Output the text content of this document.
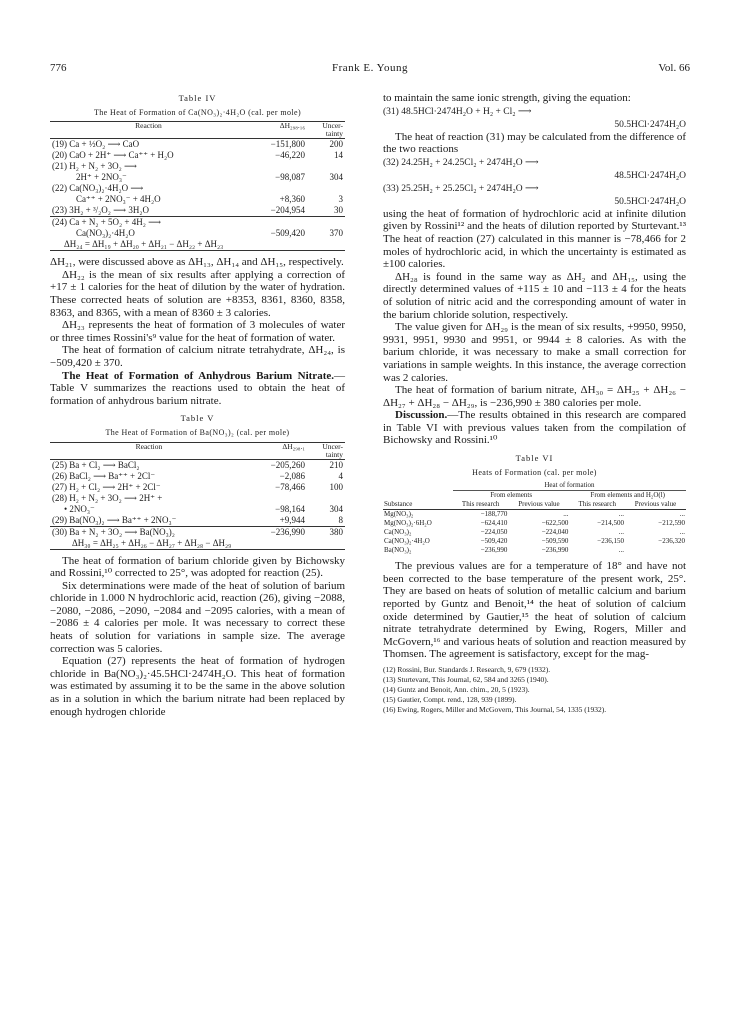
776	Frank E. Young	Vol. 66
Table IV
The Heat of Formation of Ca(NO₃)₂·4H₂O (cal. per mole)
Reaction	ΔH₂₉₈.₁₆	Uncer-tainty
(19) Ca + ½O₂ ⟶ CaO	−151,800	200
(20) CaO + 2H⁺ ⟶ Ca⁺⁺ + H₂O	−46,220	14
(21) H₂ + N₂ + 3O₂ ⟶		
2H⁺ + 2NO₃⁻	−98,087	304
(22) Ca(NO₃)₂·4H₂O ⟶		
Ca⁺⁺ + 2NO₃⁻ + 4H₂O	+8,360	3
(23) 3H₂ + ³/₂O₂ ⟶ 3H₂O	−204,954	30
(24) Ca + N₂ + 5O₂ + 4H₂ ⟶		
Ca(NO₃)₂·4H₂O	−509,420	370
ΔH₂₄ = ΔH₁₉ + ΔH₂₀ + ΔH₂₁ − ΔH₂₂ + ΔH₂₃		

ΔH₂₁, were discussed above as ΔH₁₃, ΔH₁₄ and ΔH₁₅, respectively.

ΔH₂₂ is the mean of six results after applying a correction of +17 ± 1 calories for the heat of dilution by the water of hydration. These corrected heats of solution are +8353, 8361, 8360, 8358, 8363, and 8365, with a mean of 8360 ± 3 calories.

ΔH₂₃ represents the heat of formation of 3 molecules of water or three times Rossini's⁹ value for the heat of formation of water.

The heat of formation of calcium nitrate tetrahydrate, ΔH₂₄, is −509,420 ± 370.

The Heat of Formation of Anhydrous Barium Nitrate.—Table V summarizes the reactions used to obtain the heat of formation of anhydrous barium nitrate.

Table V
The Heat of Formation of Ba(NO₃)₂ (cal. per mole)
Reaction	ΔH₂₉₈.₁	Uncer-tainty
(25) Ba + Cl₂ ⟶ BaCl₂	−205,260	210
(26) BaCl₂ ⟶ Ba⁺⁺ + 2Cl⁻	−2,086	4
(27) H₂ + Cl₂ ⟶ 2H⁺ + 2Cl⁻	−78,466	100
(28) H₂ + N₂ + 3O₂ ⟶ 2H⁺ +		
• 2NO₃⁻	−98,164	304
(29) Ba(NO₃)₂ ⟶ Ba⁺⁺ + 2NO₃⁻	+9,944	8
(30) Ba + N₂ + 3O₂ ⟶ Ba(NO₃)₂	−236,990	380
ΔH₃₀ = ΔH₂₅ + ΔH₂₆ − ΔH₂₇ + ΔH₂₈ − ΔH₂₉		

The heat of formation of barium chloride given by Bichowsky and Rossini,¹⁰ corrected to 25°, was adopted for reaction (25).

Six determinations were made of the heat of solution of barium chloride in 1.000 N hydrochloric acid, reaction (26), giving −2088, −2080, −2086, −2090, −2084 and −2095 calories, with a mean of −2086 ± 4 calories per mole. It was necessary to correct these heats of solution for variations in sample size. The average correction was 5 calories.

Equation (27) represents the heat of formation of hydrogen chloride in Ba(NO₃)₂·45.5HCl·2474H₂O. This heat of formation was estimated by assuming it to be the same in the above solution as in a solution in which the barium nitrate had been replaced by enough hydrogen chloride

to maintain the same ionic strength, giving the equation:

(31) 48.5HCl·2474H₂O + H₂ + Cl₂ ⟶
50.5HCl·2474H₂O

The heat of reaction (31) may be calculated from the difference of the two reactions

(32) 24.25H₂ + 24.25Cl₂ + 2474H₂O ⟶
48.5HCl·2474H₂O
(33) 25.25H₂ + 25.25Cl₂ + 2474H₂O ⟶
50.5HCl·2474H₂O

using the heat of formation of hydrochloric acid at infinite dilution given by Rossini¹² and the heats of dilution reported by Sturtevant.¹³ The heat of reaction (27) calculated in this manner is −78,466 for 2 moles of hydrochloric acid, in which the uncertainty is estimated as ±100 calories.

ΔH₂₈ is found in the same way as ΔH₂ and ΔH₁₅, using the directly determined values of +115 ± 10 and −113 ± 4 for the heats of solution of nitric acid and the corresponding amount of water in the barium chloride solution, respectively.

The value given for ΔH₂₉ is the mean of six results, +9950, 9950, 9931, 9951, 9930 and 9951, or 9944 ± 8 calories. As with the barium chloride, it was necessary to make a small correction for variations in sample weights. In this instance, the average correction was 2 calories.

The heat of formation of barium nitrate, ΔH₃₀ = ΔH₂₅ + ΔH₂₆ − ΔH₂₇ + ΔH₂₈ − ΔH₂₉, is −236,990 ± 380 calories per mole.

Discussion.—The results obtained in this research are compared in Table VI with previous values taken from the compilation of Bichowsky and Rossini.¹⁰

Table VI
Heats of Formation (cal. per mole)
	Heat of formation			
	From elements		From elements and H₂O(l)	
Substance	This research	Previous value	This research	Previous value
Mg(NO₃)₂	−188,770	...	...	...
Mg(NO₃)₂·6H₂O	−624,410	−622,500	−214,500	−212,590
Ca(NO₃)₂	−224,050	−224,040	...	...
Ca(NO₃)₂·4H₂O	−509,420	−509,590	−236,150	−236,320
Ba(NO₃)₂	−236,990	−236,990	...	

The previous values are for a temperature of 18° and have not been corrected to the base temperature of the present work, 25°. They are based on heats of solution of metallic calcium and barium reported by Guntz and Benoit,¹⁴ the heat of solution of calcium oxide determined by Gautier,¹⁵ the heat of solution of calcium nitrate tetrahydrate determined by Ewing, Rogers, Miller and McGovern,¹⁶ and various heats of solution and reaction measured by Thomsen. The agreement is satisfactory, except for the mag-

(12) Rossini, Bur. Standards J. Research, 9, 679 (1932).
(13) Sturtevant, This Journal, 62, 584 and 3265 (1940).
(14) Guntz and Benoit, Ann. chim., 20, 5 (1923).
(15) Gautier, Compt. rend., 128, 939 (1899).
(16) Ewing, Rogers, Miller and McGovern, This Journal, 54, 1335 (1932).
